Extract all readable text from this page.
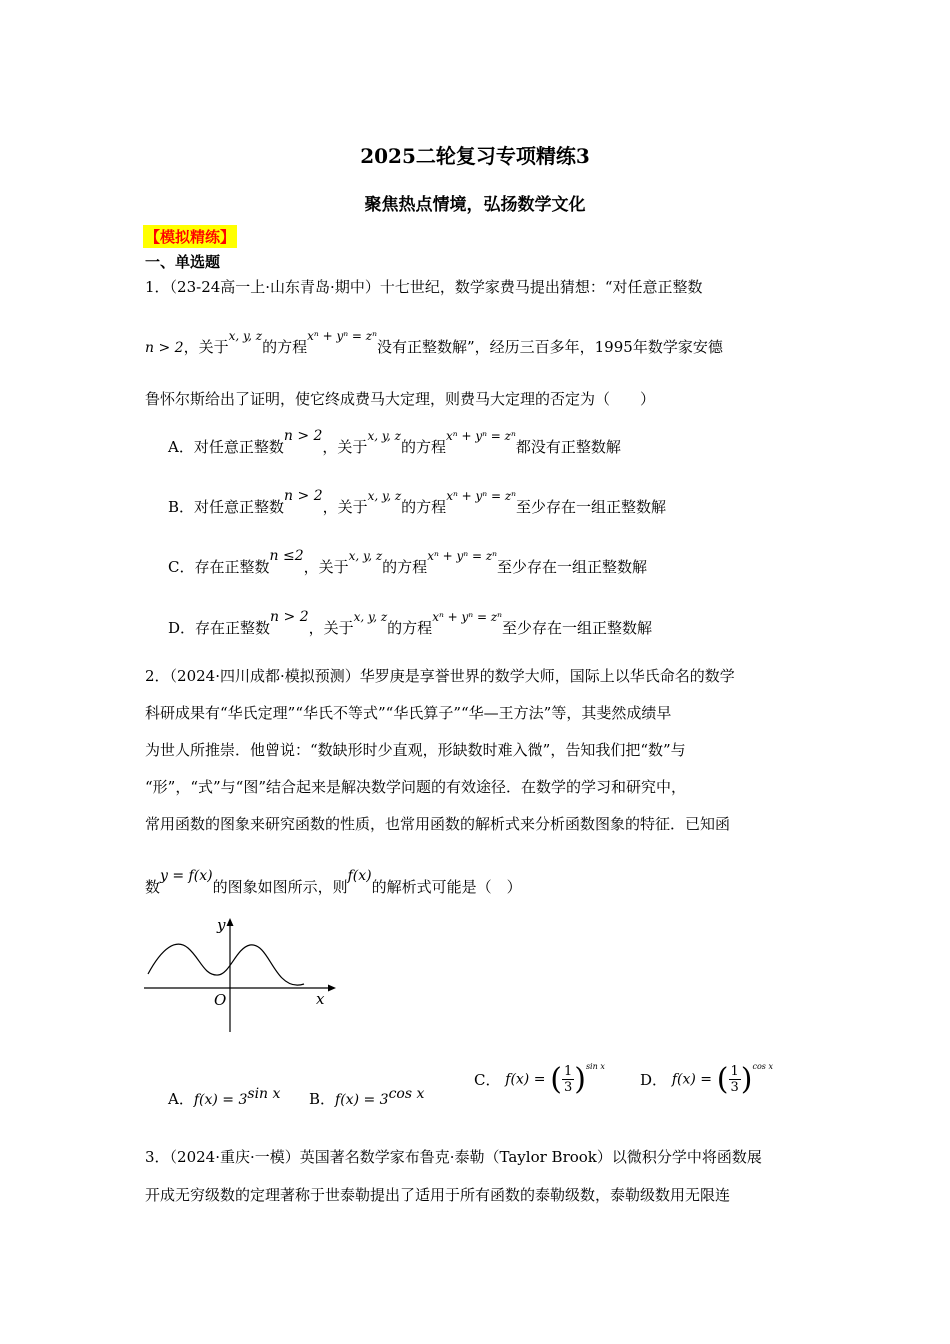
2025二轮复习专项精练3
聚焦热点情境，弘扬数学文化
【模拟精练】
一、单选题
1．（23-24高一上·山东青岛·期中）十七世纪，数学家费马提出猜想：“对任意正整数
n > 2，关于$^{x, y, z}$的方程$^{x^n + y^n = z^n}$没有正整数解”，经历三百多年，1995年数学家安德
鲁怀尔斯给出了证明，使它终成费马大定理，则费马大定理的否定为（　　）
A．对任意正整数n > 2，关于$^{x, y, z}$的方程$^{x^n + y^n = z^n}$都没有正整数解
B．对任意正整数n > 2，关于$^{x, y, z}$的方程$^{x^n + y^n = z^n}$至少存在一组正整数解
C．存在正整数n ≤2，关于$^{x, y, z}$的方程$^{x^n + y^n = z^n}$至少存在一组正整数解
D．存在正整数n > 2，关于$^{x, y, z}$的方程$^{x^n + y^n = z^n}$至少存在一组正整数解
2．（2024·四川成都·模拟预测）华罗庚是享誉世界的数学大师，国际上以华氏命名的数学
科研成果有“华氏定理”“华氏不等式”“华氏算子”“华—王方法”等，其斐然成绩早
为世人所推崇．他曾说：“数缺形时少直观，形缺数时难入微”，告知我们把“数”与
“形”，“式”与“图”结合起来是解决数学问题的有效途径．在数学的学习和研究中，
常用函数的图象来研究函数的性质，也常用函数的解析式来分析函数图象的特征．已知函
数y = f(x)的图象如图所示，则f(x)的解析式可能是（　）
y
x
O
A．$f(x) = 3^{sin x}$ B．$f(x) = 3^{cos x}$
C． f(x) = ( $\frac{1}{3} )^{sin x}$
D． f(x) = ( $\frac{1}{3} )^{cos x}$
3．（2024·重庆·一模）英国著名数学家布鲁克·泰勒（Taylor Brook）以微积分学中将函数展
开成无穷级数的定理著称于世泰勒提出了适用于所有函数的泰勒级数，泰勒级数用无限连
